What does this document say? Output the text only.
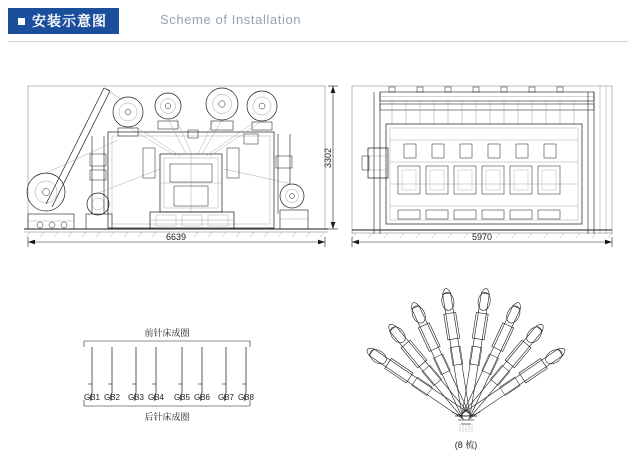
安装示意图	Scheme of Installation
6639
3302
5970
前针床成圈
后针床成圈
GB1 GB2 GB3 GB4 GB5 GB6 GB7 GB8
(8 梳)
